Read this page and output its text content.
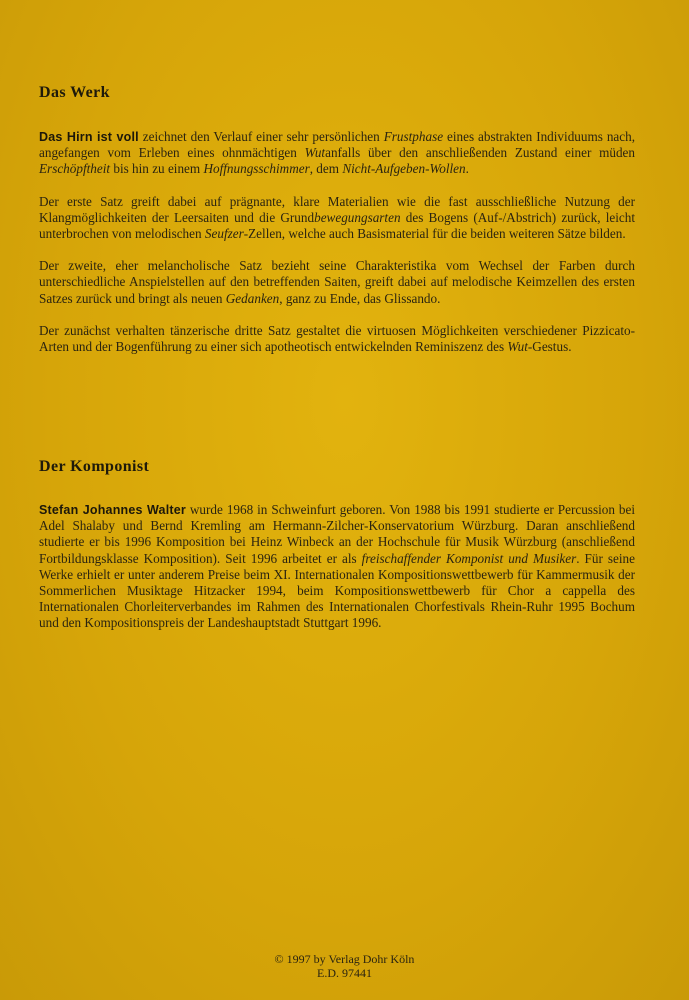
Das Werk

Das Hirn ist voll zeichnet den Verlauf einer sehr persönlichen Frustphase eines abstrakten Individuums nach, angefangen vom Erleben eines ohnmächtigen Wutanfalls über den anschließenden Zustand einer müden Erschöpftheit bis hin zu einem Hoffnungsschimmer, dem Nicht-Aufgeben-Wollen.

Der erste Satz greift dabei auf prägnante, klare Materialien wie die fast ausschließliche Nutzung der Klangmöglichkeiten der Leersaiten und die Grundbewegungsarten des Bogens (Auf-/Abstrich) zurück, leicht unterbrochen von melodischen Seufzer-Zellen, welche auch Basismaterial für die beiden weiteren Sätze bilden.

Der zweite, eher melancholische Satz bezieht seine Charakteristika vom Wechsel der Farben durch unterschiedliche Anspielstellen auf den betreffenden Saiten, greift dabei auf melodische Keimzellen des ersten Satzes zurück und bringt als neuen Gedanken, ganz zu Ende, das Glissando.

Der zunächst verhalten tänzerische dritte Satz gestaltet die virtuosen Möglichkeiten verschiedener Pizzicato-Arten und der Bogenführung zu einer sich apotheotisch entwickelnden Reminiszenz des Wut-Gestus.

Der Komponist

Stefan Johannes Walter wurde 1968 in Schweinfurt geboren. Von 1988 bis 1991 studierte er Percussion bei Adel Shalaby und Bernd Kremling am Hermann-Zilcher-Konservatorium Würzburg. Daran anschließend studierte er bis 1996 Komposition bei Heinz Winbeck an der Hochschule für Musik Würzburg (anschließend Fortbildungsklasse Komposition). Seit 1996 arbeitet er als freischaffender Komponist und Musiker. Für seine Werke erhielt er unter anderem Preise beim XI. Internationalen Kompositionswettbewerb für Kammermusik der Sommerlichen Musiktage Hitzacker 1994, beim Kompositionswettbewerb für Chor a cappella des Internationalen Chorleiterverbandes im Rahmen des Internationalen Chorfestivals Rhein-Ruhr 1995 Bochum und den Kompositionspreis der Landeshauptstadt Stuttgart 1996.

© 1997 by Verlag Dohr Köln
E.D. 97441
